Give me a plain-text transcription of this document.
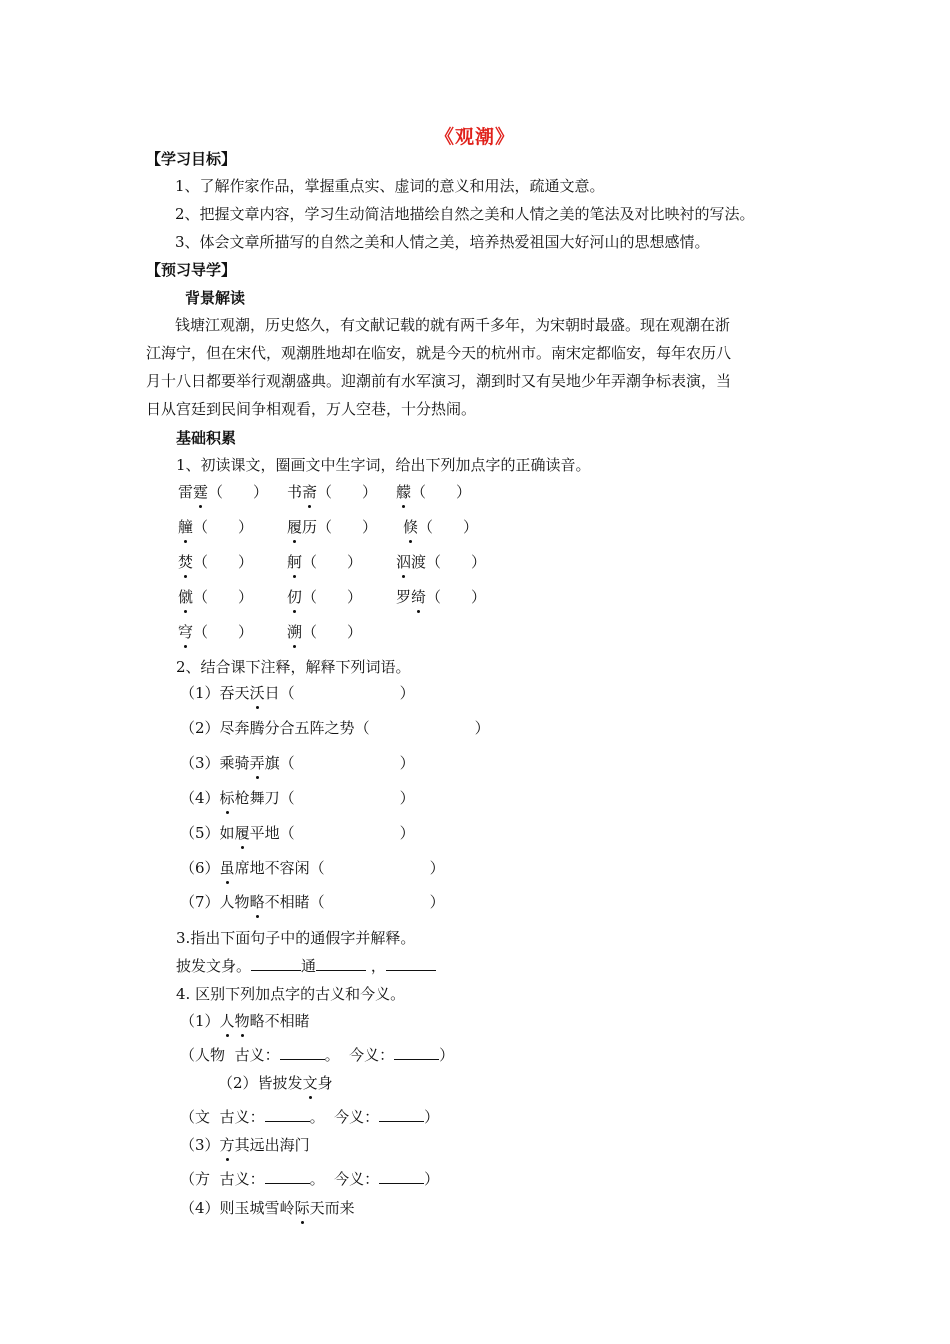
《观潮》
【学习目标】
1、了解作家作品，掌握重点实、虚词的意义和用法，疏通文意。
2、把握文章内容，学习生动简洁地描绘自然之美和人情之美的笔法及对比映衬的写法。
3、体会文章所描写的自然之美和人情之美，培养热爱祖国大好河山的思想感情。
【预习导学】
背景解读
钱塘江观潮，历史悠久，有文献记载的就有两千多年，为宋朝时最盛。现在观潮在浙
江海宁，但在宋代，观潮胜地却在临安，就是今天的杭州市。南宋定都临安，每年农历八
月十八日都要举行观潮盛典。迎潮前有水军演习，潮到时又有吴地少年弄潮争标表演，当
日从宫廷到民间争相观看，万人空巷，十分热闹。
基础积累
1、初读课文，圈画文中生字词，给出下列加点字的正确读音。
雷霆（　　） 书斋（　　） 艨（　　）
艟（　　） 履历（　　） 倏（　　）
焚（　　） 舸（　　） 泅渡（　　）
僦（　　） 仞（　　） 罗绮（　　）
穹（　　） 溯（　　）
2、结合课下注释，解释下列词语。
（1）吞天沃日（　　　　　　　）
（2）尽奔腾分合五阵之势（　　　　　　　）
（3）乘骑弄旗（　　　　　　　）
（4）标枪舞刀（　　　　　　　）
（5）如履平地（　　　　　　　）
（6）虽席地不容闲（　　　　　　　）
（7）人物略不相睹（　　　　　　　）
3.指出下面句子中的通假字并解释。
披发文身。	通	，
4. 区别下列加点字的古义和今义。
（1）人物略不相睹
（人物 古义：	。 今义：	）
（2）皆披发文身
（文 古义：	。 今义：	）
（3）方其远出海门
（方 古义：	。 今义：	）
（4）则玉城雪岭际天而来
